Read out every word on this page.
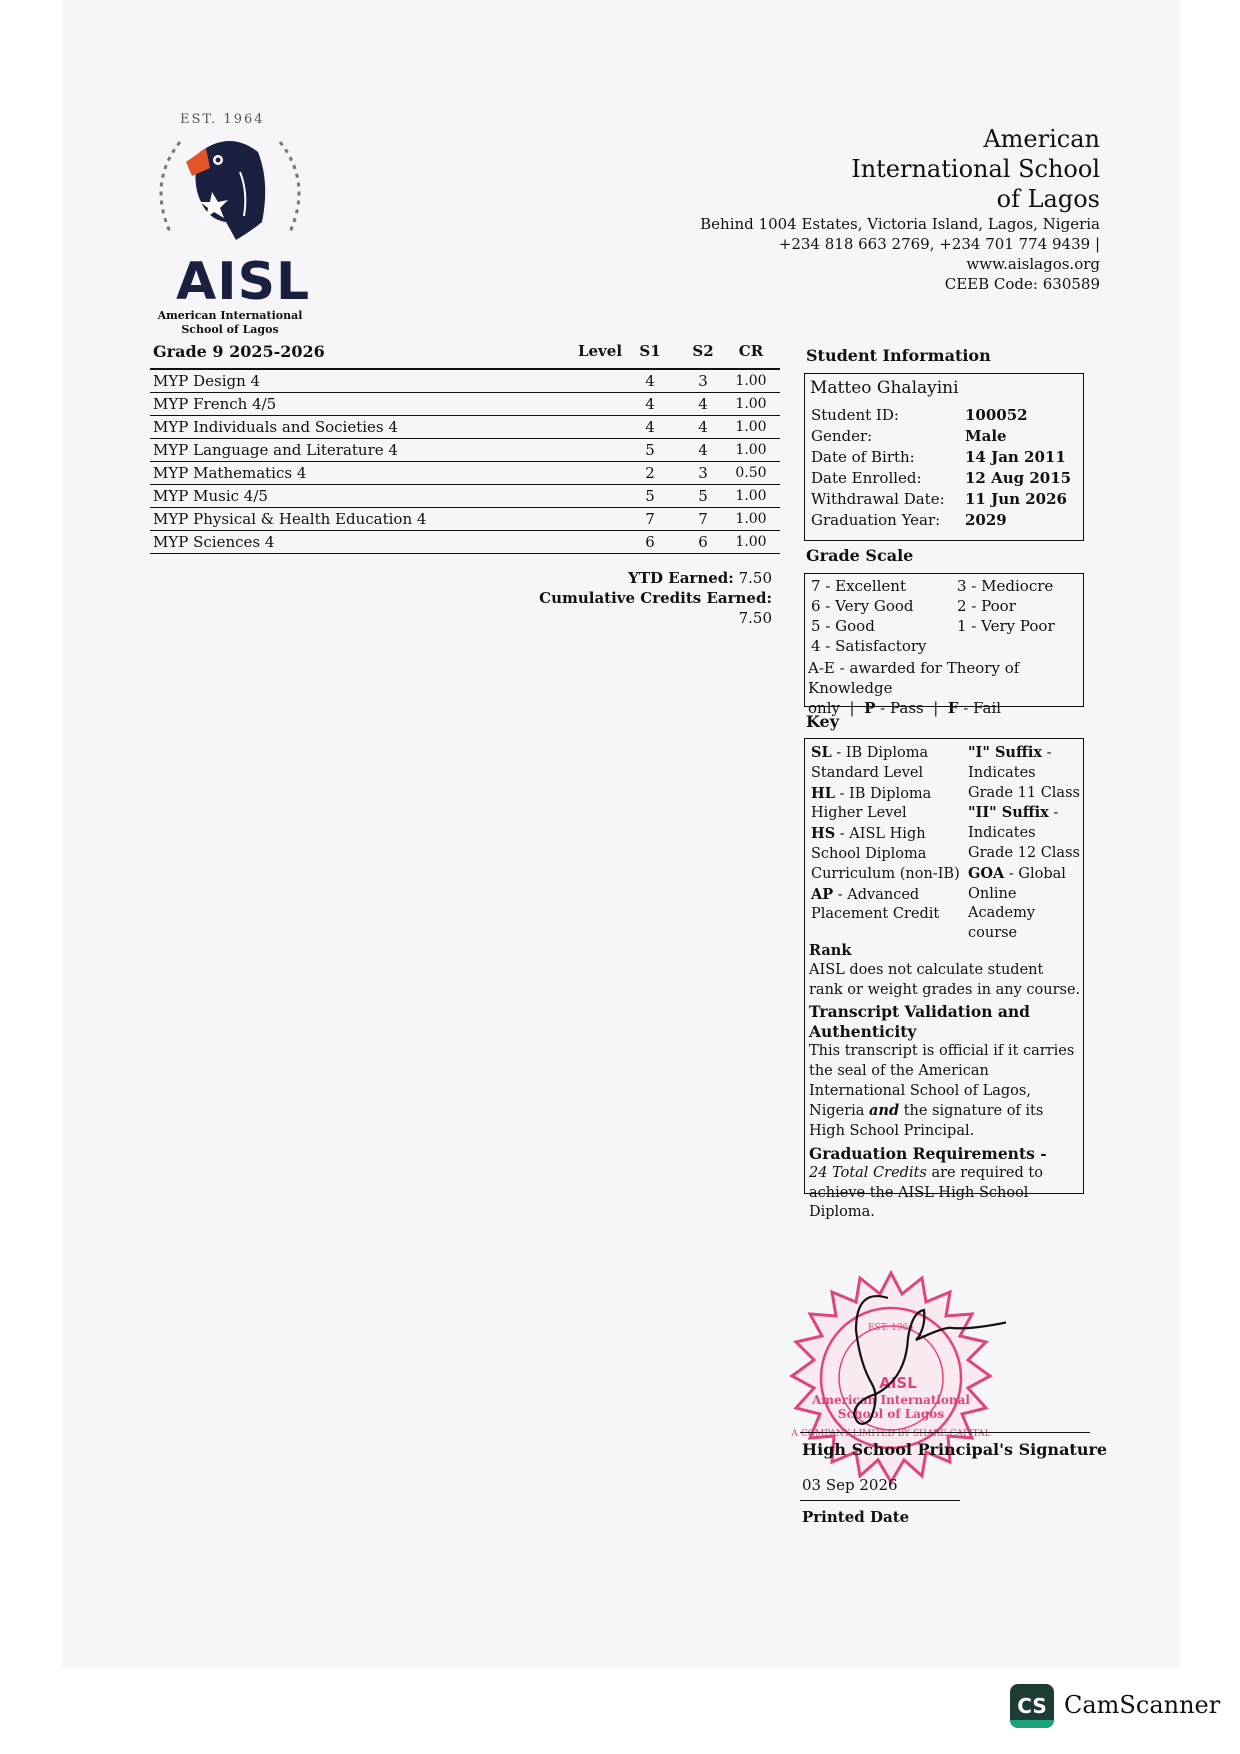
EST. 1964
AISL
American International School of Lagos
American International School of Lagos
Behind 1004 Estates, Victoria Island, Lagos, Nigeria
+234 818 663 2769, +234 701 774 9439 |
www.aislagos.org
CEEB Code: 630589
Grade 9 2025-2026	Level	S1	S2	CR
MYP Design 4	4	3	1.00
MYP French 4/5	4	4	1.00
MYP Individuals and Societies 4	4	4	1.00
MYP Language and Literature 4	5	4	1.00
MYP Mathematics 4	2	3	0.50
MYP Music 4/5	5	5	1.00
MYP Physical & Health Education 4	7	7	1.00
MYP Sciences 4	6	6	1.00
YTD Earned: 7.50
Cumulative Credits Earned:
7.50
Student Information
Matteo Ghalayini
Student ID:	100052
Gender:	Male
Date of Birth:	14 Jan 2011
Date Enrolled:	12 Aug 2015
Withdrawal Date: 11 Jun 2026
Graduation Year: 2029
Grade Scale
7 - Excellent
6 - Very Good
5 - Good
4 - Satisfactory
3 - Mediocre
2 - Poor
1 - Very Poor
A-E - awarded for Theory of Knowledge
only  |  P - Pass  |  F - Fail
Key
SL - IB Diploma Standard Level
HL - IB Diploma Higher Level
HS - AISL High School Diploma Curriculum (non-IB)
AP - Advanced Placement Credit
"I" Suffix - Indicates Grade 11 Class
"II" Suffix - Indicates Grade 12 Class
GOA - Global Online Academy course
Rank
AISL does not calculate student rank or weight grades in any course.
Transcript Validation and Authenticity
This transcript is official if it carries the seal of the American International School of Lagos, Nigeria and the signature of its High School Principal.
Graduation Requirements -
24 Total Credits are required to achieve the AISL High School Diploma.
EST. 1964
AISL
American International
School of Lagos
A COMPANY LIMITED BY SHARE CAPITAL
High School Principal's Signature
03 Sep 2026
Printed Date
CS CamScanner
